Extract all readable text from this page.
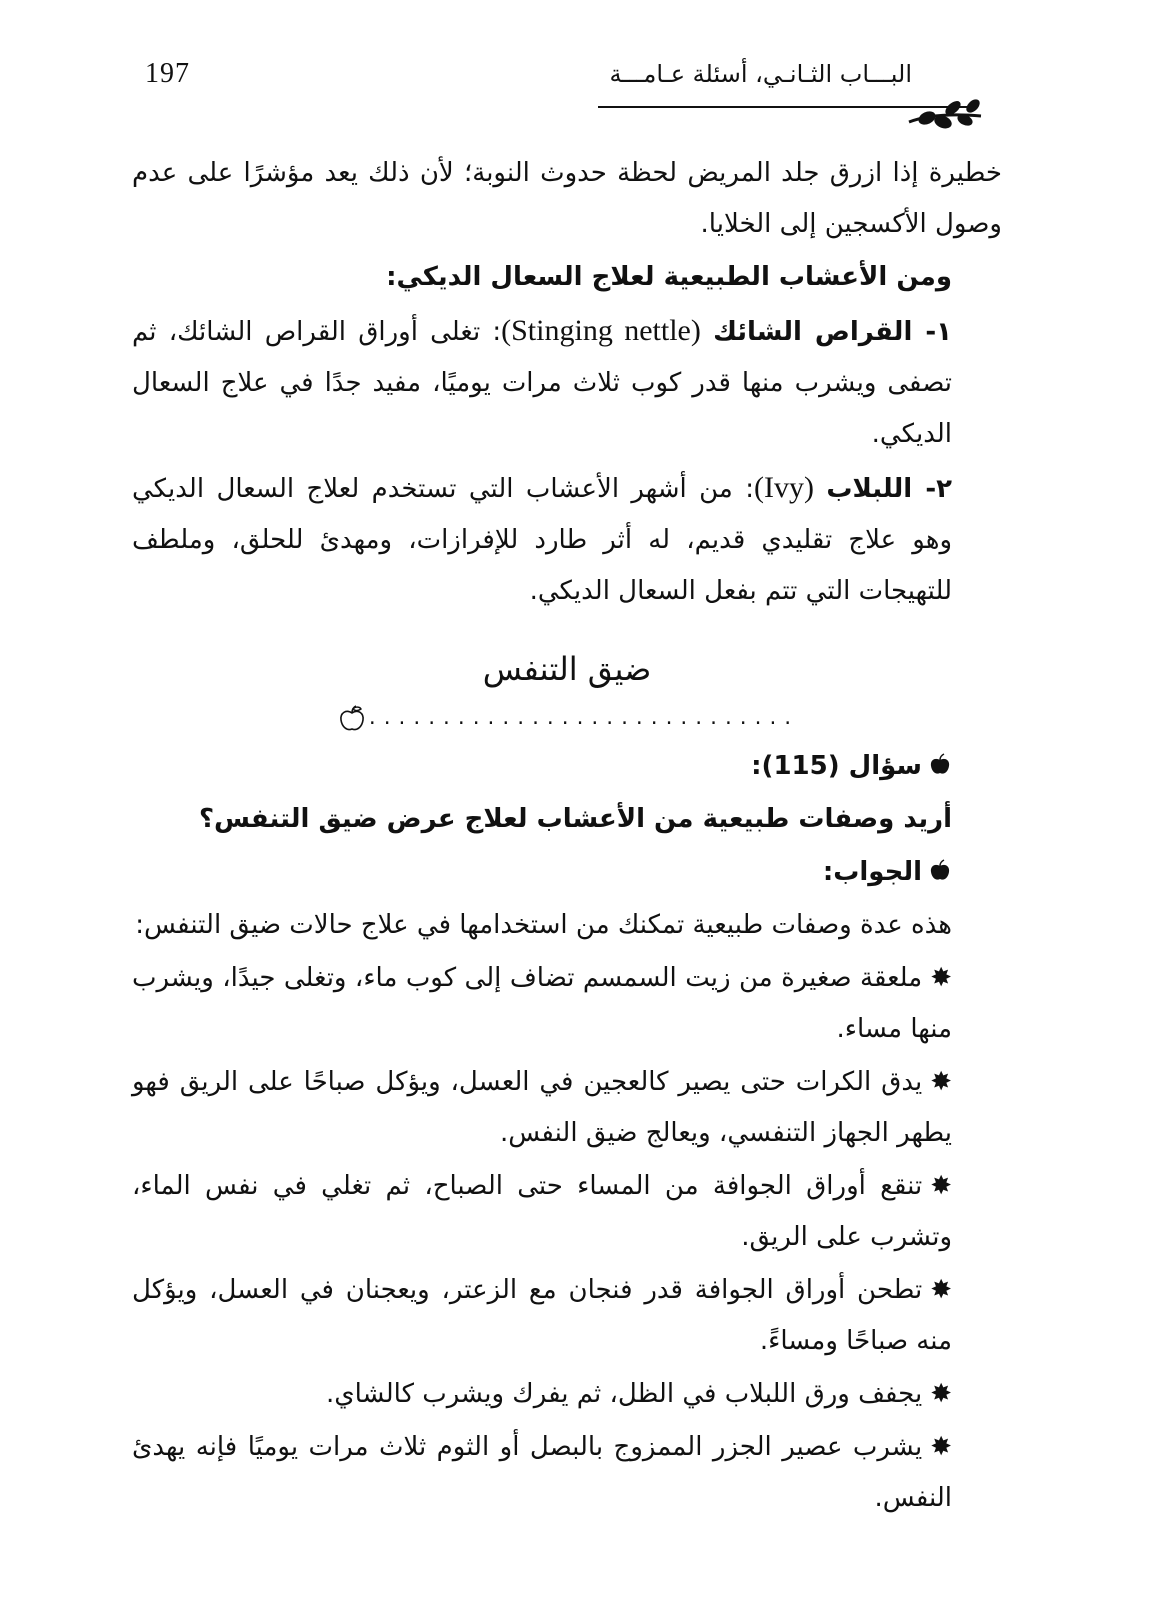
197	البـــاب الثـانـي، أسئلة عـامـــة

خطيرة إذا ازرق جلد المريض لحظة حدوث النوبة؛ لأن ذلك يعد مؤشرًا على عدم وصول الأكسجين إلى الخلايا.

ومن الأعشاب الطبيعية لعلاج السعال الديكي:

١- القراص الشائك (Stinging nettle): تغلى أوراق القراص الشائك، ثم تصفى ويشرب منها قدر كوب ثلاث مرات يوميًا، مفيد جدًا في علاج السعال الديكي.

٢- اللبلاب (Ivy): من أشهر الأعشاب التي تستخدم لعلاج السعال الديكي وهو علاج تقليدي قديم، له أثر طارد للإفرازات، ومهدئ للحلق، وملطف للتهيجات التي تتم بفعل السعال الديكي.

ضيق التنفس
.............................

سؤال (115):

أريد وصفات طبيعية من الأعشاب لعلاج عرض ضيق التنفس؟

الجواب:

هذه عدة وصفات طبيعية تمكنك من استخدامها في علاج حالات ضيق التنفس:

✸ملعقة صغيرة من زيت السمسم تضاف إلى كوب ماء، وتغلى جيدًا، ويشرب منها مساء.

✸يدق الكرات حتى يصير كالعجين في العسل، ويؤكل صباحًا على الريق فهو يطهر الجهاز التنفسي، ويعالج ضيق النفس.

✸تنقع أوراق الجوافة من المساء حتى الصباح، ثم تغلي في نفس الماء، وتشرب على الريق.

✸تطحن أوراق الجوافة قدر فنجان مع الزعتر، ويعجنان في العسل، ويؤكل منه صباحًا ومساءً.

✸يجفف ورق اللبلاب في الظل، ثم يفرك ويشرب كالشاي.

✸يشرب عصير الجزر الممزوج بالبصل أو الثوم ثلاث مرات يوميًا فإنه يهدئ النفس.
